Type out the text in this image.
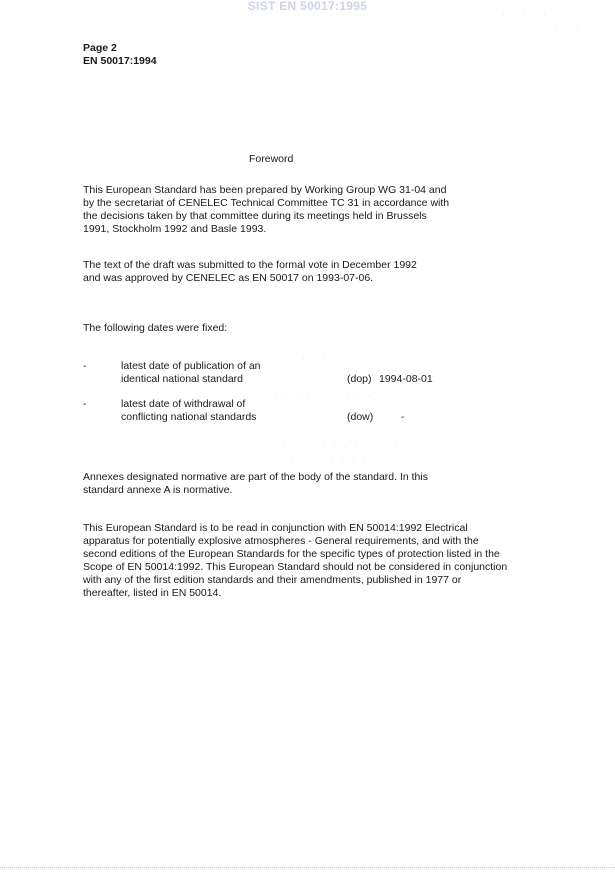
SIST EN 50017:1995
· · · · · · ·
· · · ·
Page 2
EN 50017:1994
Foreword
This European Standard has been prepared by Working Group WG 31-04 and
by the secretariat of CENELEC Technical Committee TC 31 in accordance with
the decisions taken by that committee during its meetings held in Brussels
1991, Stockholm 1992 and Basle 1993.
The text of the draft was submitted to the formal vote in December 1992
and was approved by CENELEC as EN 50017 on 1993-07-06.
The following dates were fixed:
-	latest date of publication of an
identical national standard	(dop) 1994-08-01
-	latest date of withdrawal of
conflicting national standards	(dow)	-
· · · ·
· · · · · · · · · · · ·
· · · · · · · · · · · · ·
· · · · · · · · · ·
Annexes designated normative are part of the body of the standard. In this
standard annexe A is normative.
This European Standard is to be read in conjunction with EN 50014:1992 Electrical
apparatus for potentially explosive atmospheres - General requirements, and with the
second editions of the European Standards for the specific types of protection listed in the
Scope of EN 50014:1992. This European Standard should not be considered in conjunction
with any of the first edition standards and their amendments, published in 1977 or
thereafter, listed in EN 50014.
